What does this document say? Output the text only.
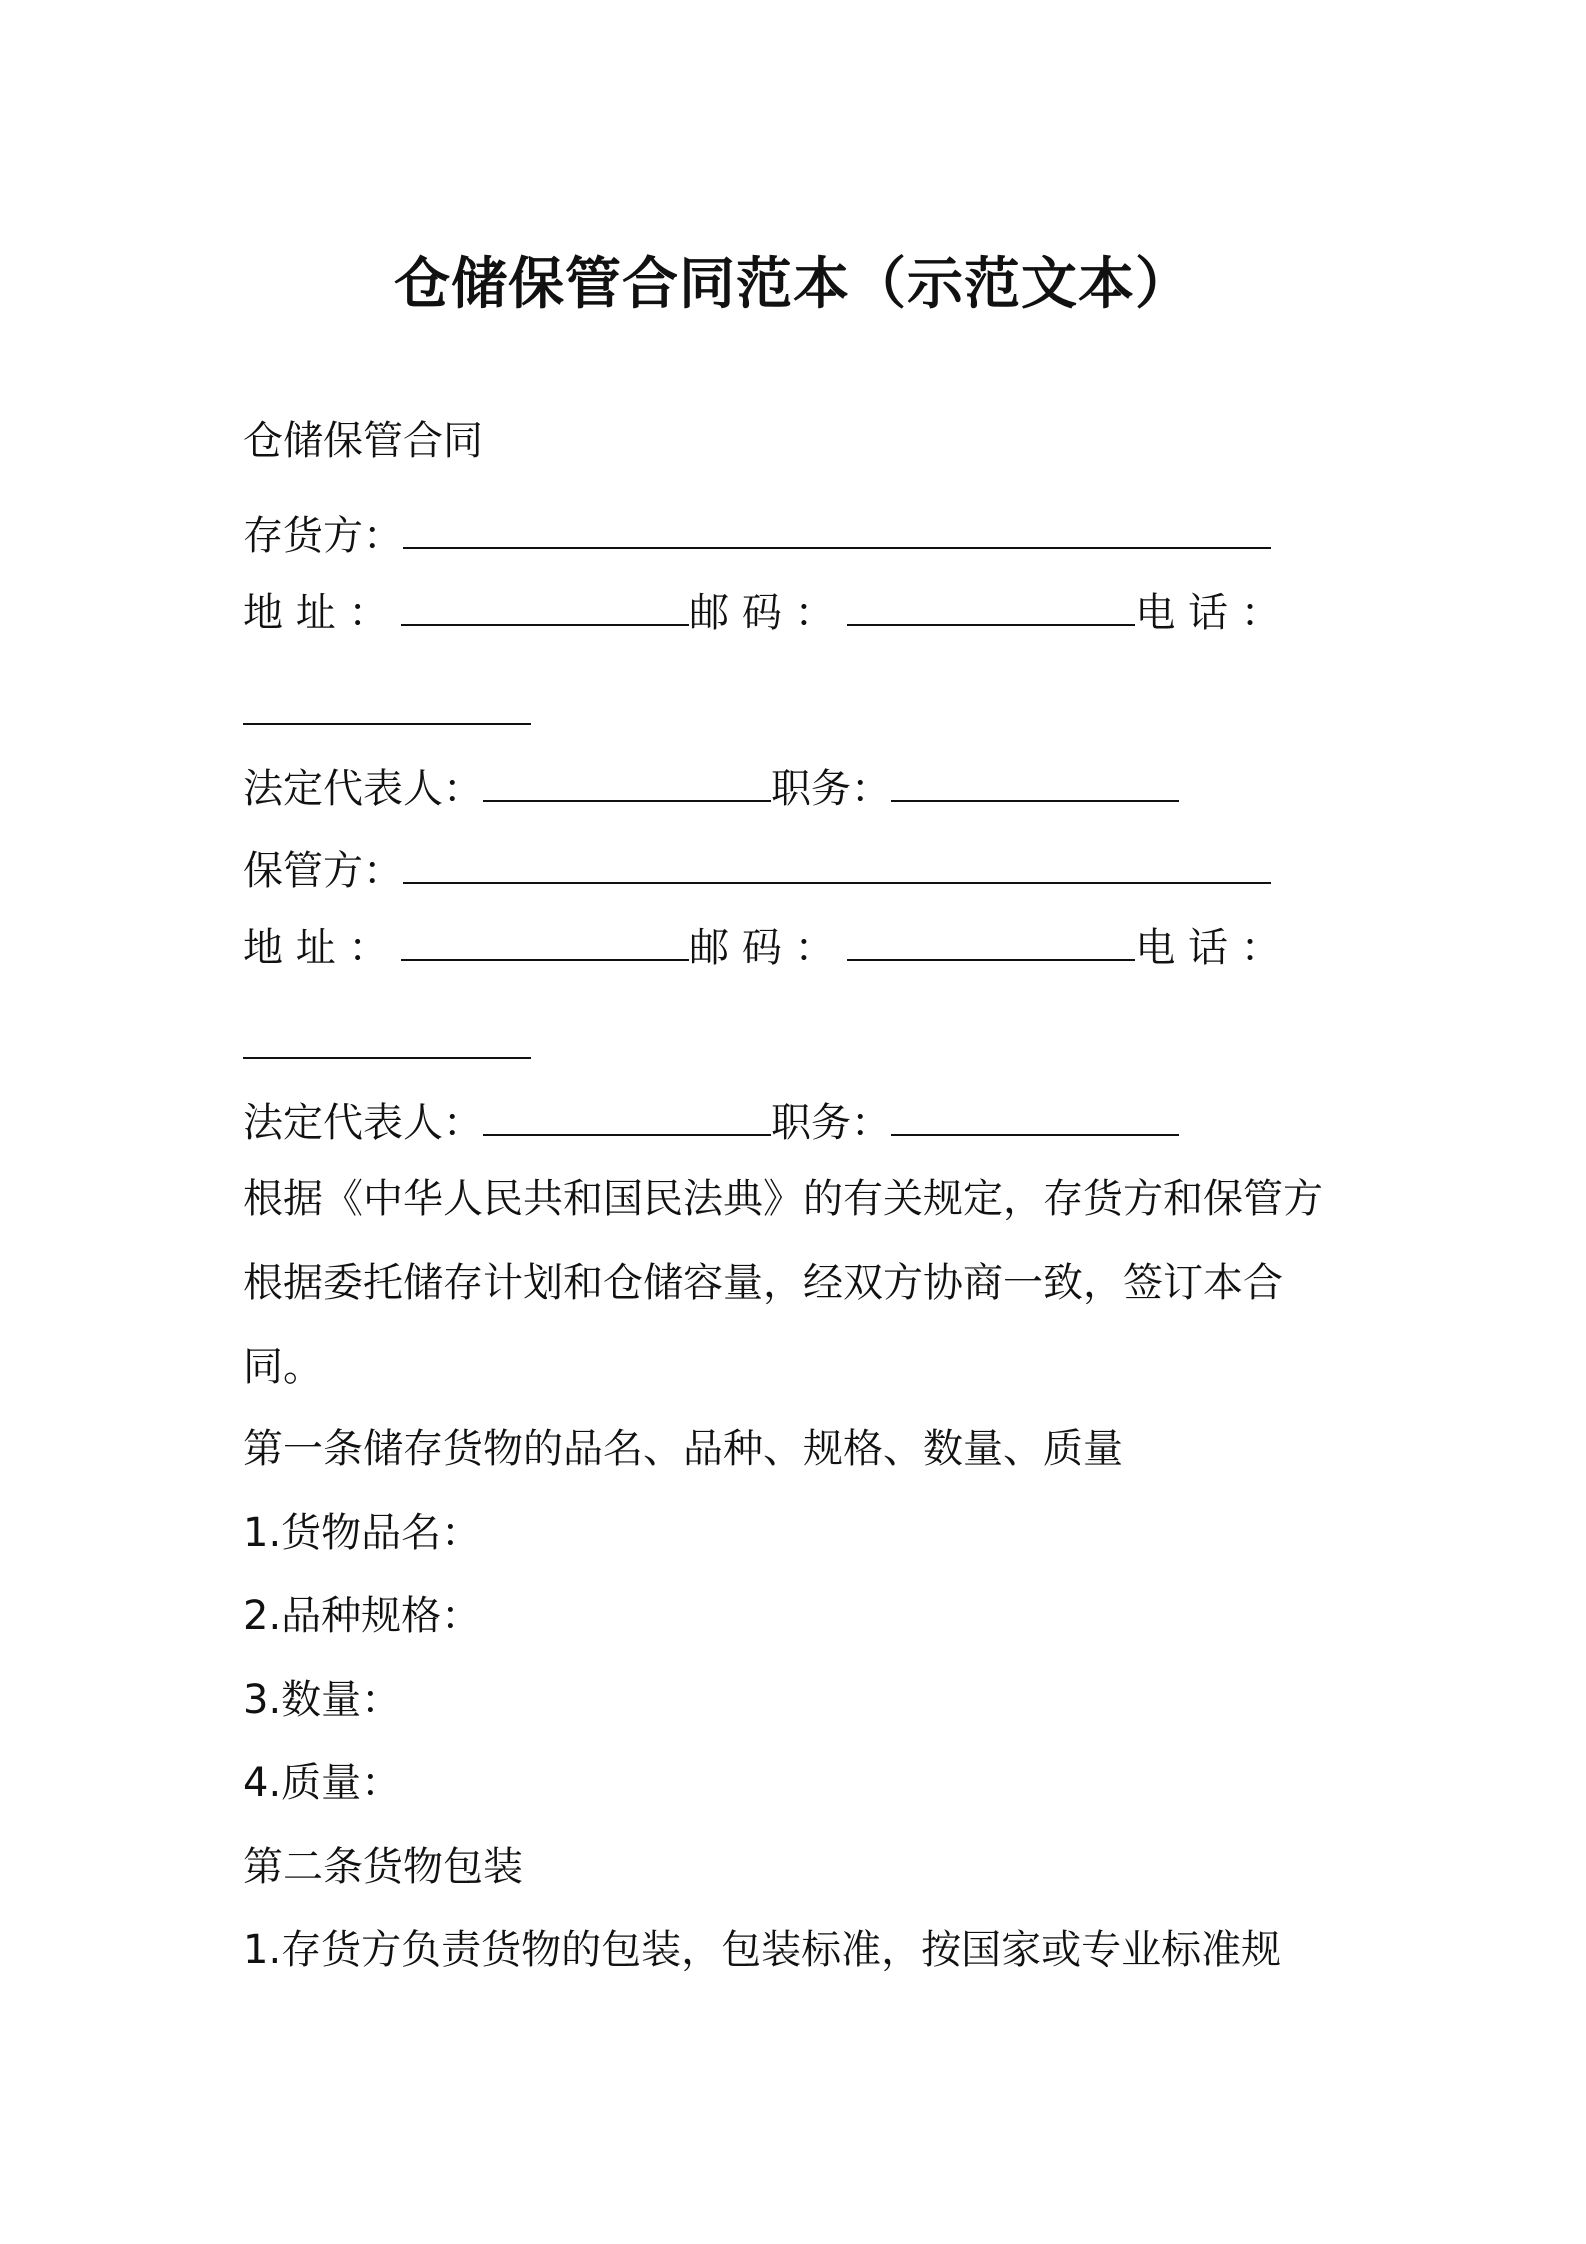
仓储保管合同范本（示范文本）
仓储保管合同
存货方：
地 址 ：	邮 码 ：	电 话 ：
法定代表人：	职务：
保管方：
地 址 ：	邮 码 ：	电 话 ：
法定代表人：	职务：
根据《中华人民共和国民法典》的有关规定，存货方和保管方根据委托储存计划和仓储容量，经双方协商一致，签订本合同。
第一条储存货物的品名、品种、规格、数量、质量
1.货物品名：
2.品种规格：
3.数量：
4.质量：
第二条货物包装
1.存货方负责货物的包装，包装标准，按国家或专业标准规
